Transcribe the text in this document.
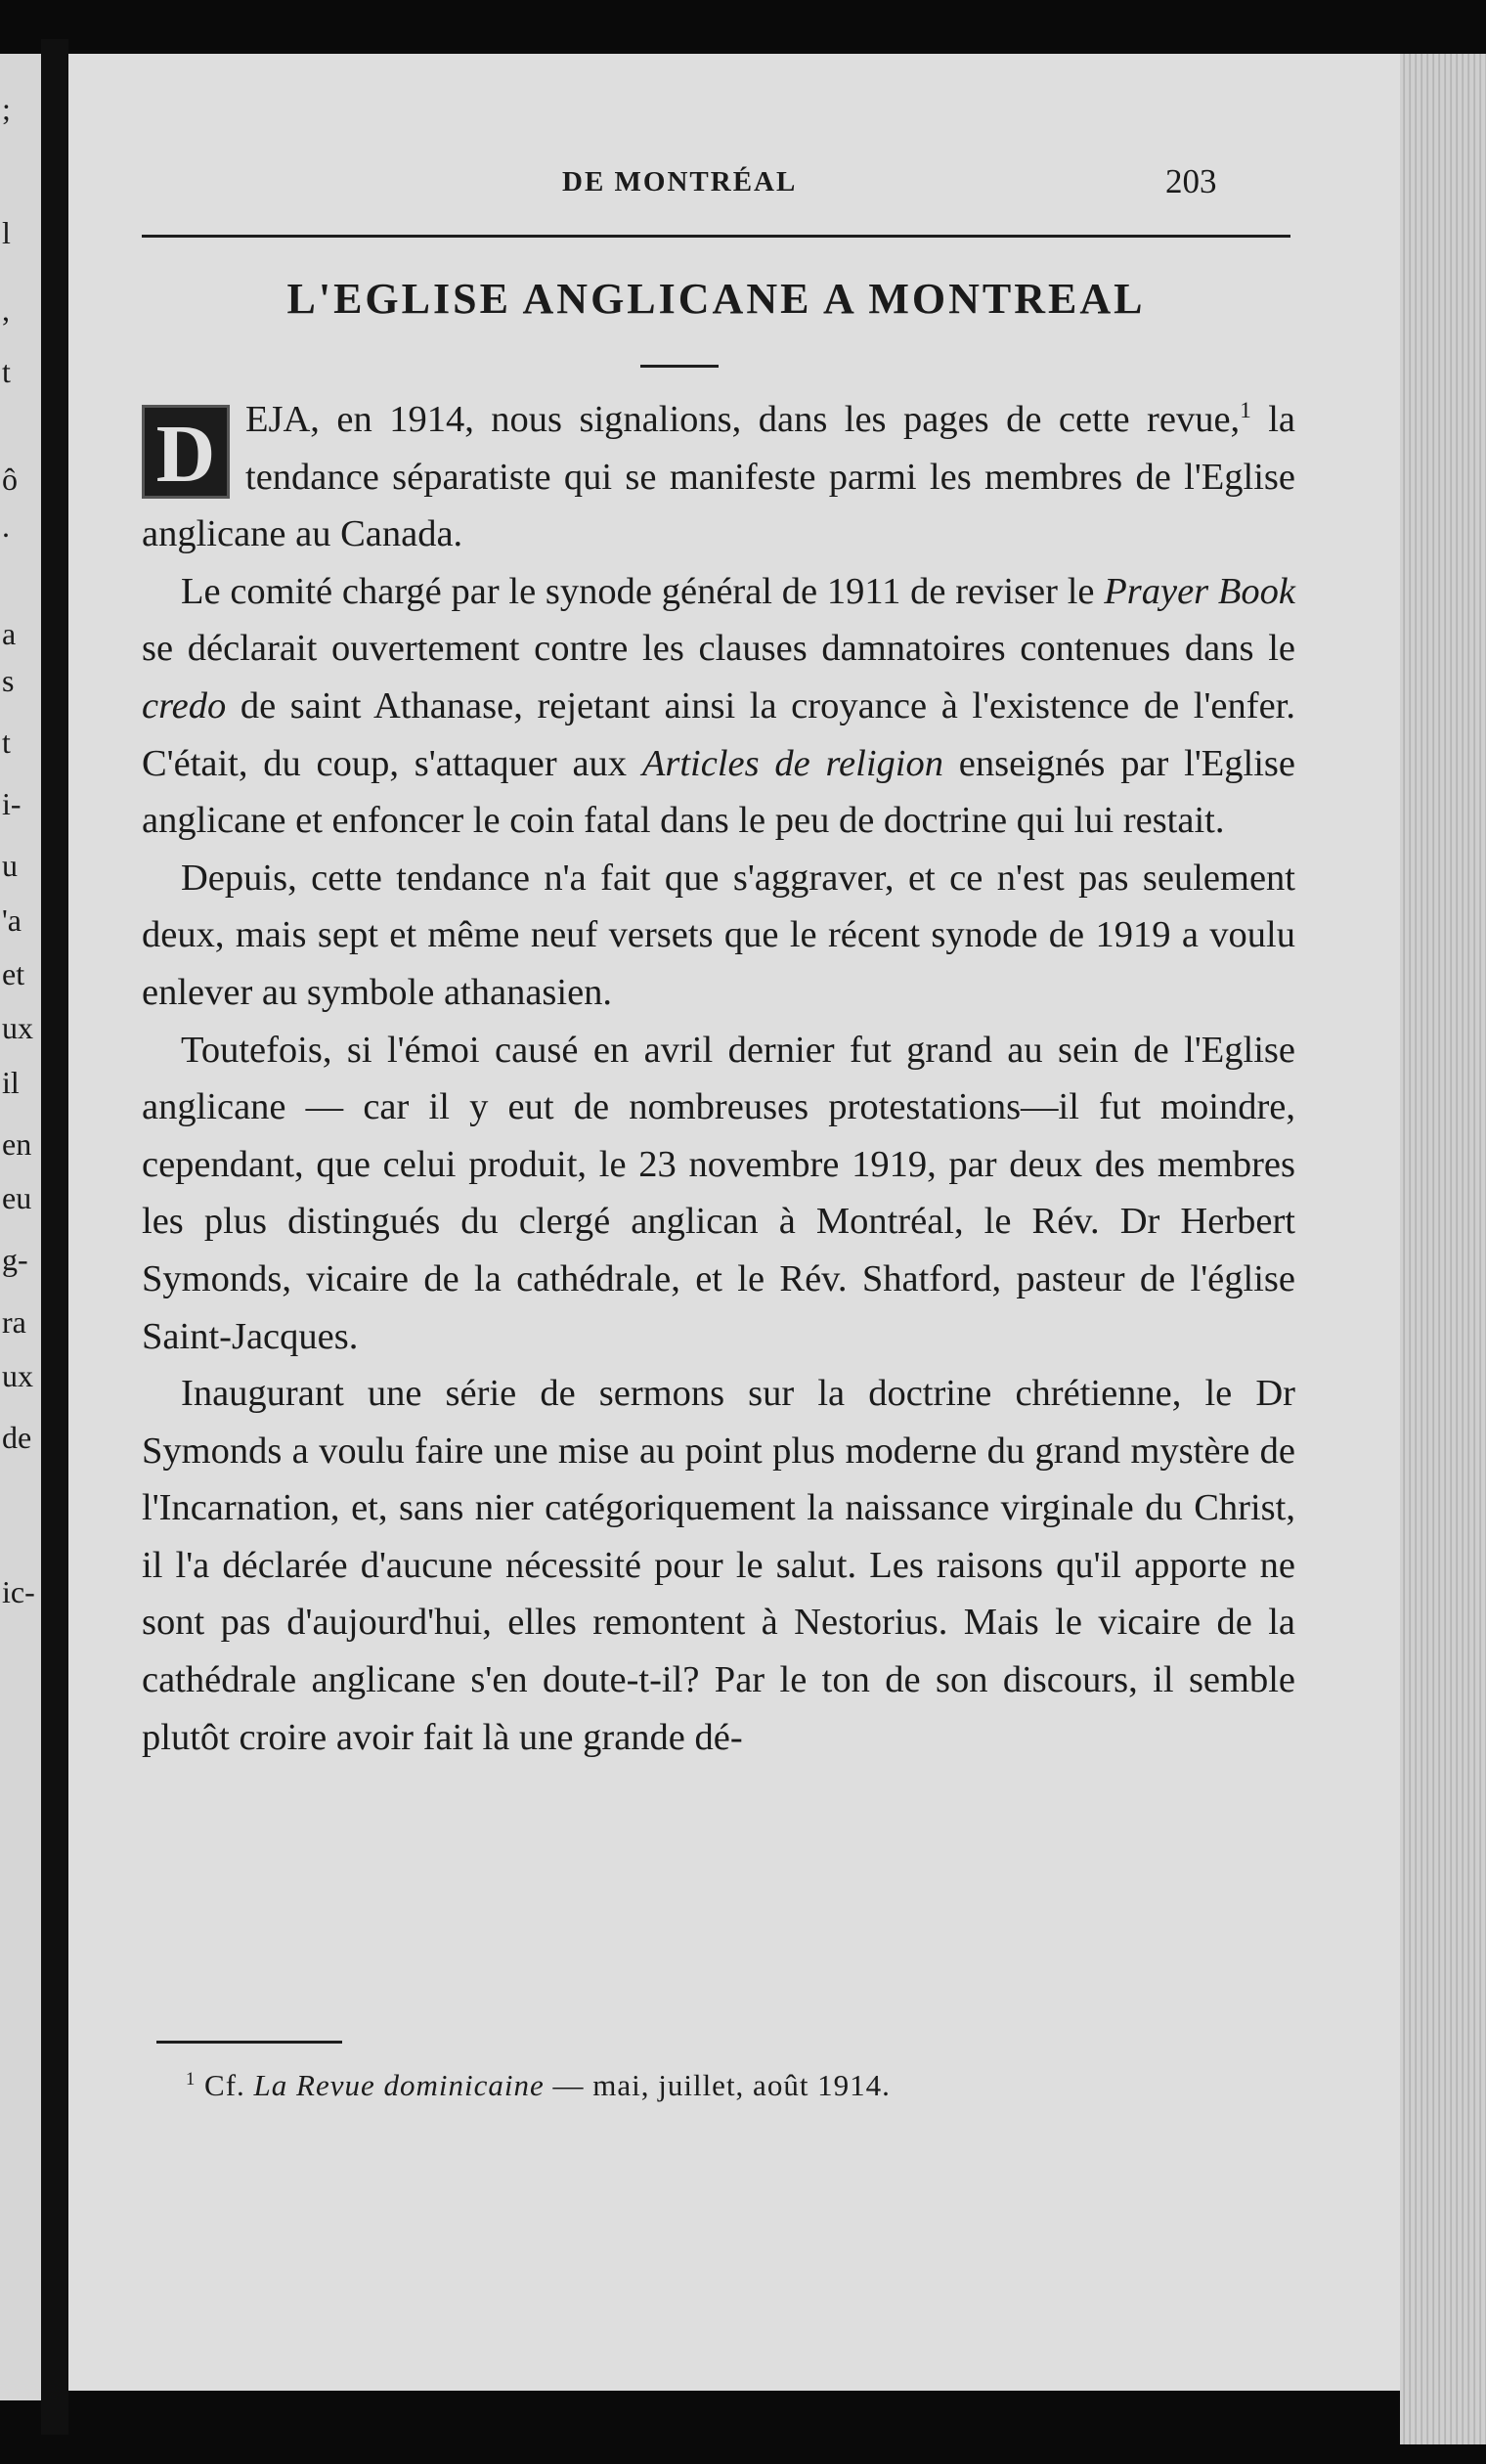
;
l
,
t
ô
.
a
s
t
i-
u
'a
et
ux
il
en
eu
g-
ra
ux
de
ic-
DE MONTRÉAL	203
L'EGLISE ANGLICANE A MONTREAL

D EJA, en 1914, nous signalions, dans les pages de cette revue,$^1$ la tendance séparatiste qui se manifeste parmi les membres de l'Eglise anglicane au Canada.

Le comité chargé par le synode général de 1911 de reviser le Prayer Book se déclarait ouvertement contre les clauses damnatoires contenues dans le credo de saint Athanase, rejetant ainsi la croyance à l'existence de l'enfer. C'était, du coup, s'attaquer aux Articles de religion enseignés par l'Eglise anglicane et enfoncer le coin fatal dans le peu de doctrine qui lui restait.

Depuis, cette tendance n'a fait que s'aggraver, et ce n'est pas seulement deux, mais sept et même neuf versets que le récent synode de 1919 a voulu enlever au symbole athanasien.

Toutefois, si l'émoi causé en avril dernier fut grand au sein de l'Eglise anglicane — car il y eut de nombreuses protestations—il fut moindre, cependant, que celui produit, le 23 novembre 1919, par deux des membres les plus distingués du clergé anglican à Montréal, le Rév. Dr Herbert Symonds, vicaire de la cathédrale, et le Rév. Shatford, pasteur de l'église Saint-Jacques.

Inaugurant une série de sermons sur la doctrine chrétienne, le Dr Symonds a voulu faire une mise au point plus moderne du grand mystère de l'Incarnation, et, sans nier catégoriquement la naissance virginale du Christ, il l'a déclarée d'aucune nécessité pour le salut. Les raisons qu'il apporte ne sont pas d'aujourd'hui, elles remontent à Nestorius. Mais le vicaire de la cathédrale anglicane s'en doute-t-il? Par le ton de son discours, il semble plutôt croire avoir fait là une grande dé-

$^1$ Cf. La Revue dominicaine — mai, juillet, août 1914.
